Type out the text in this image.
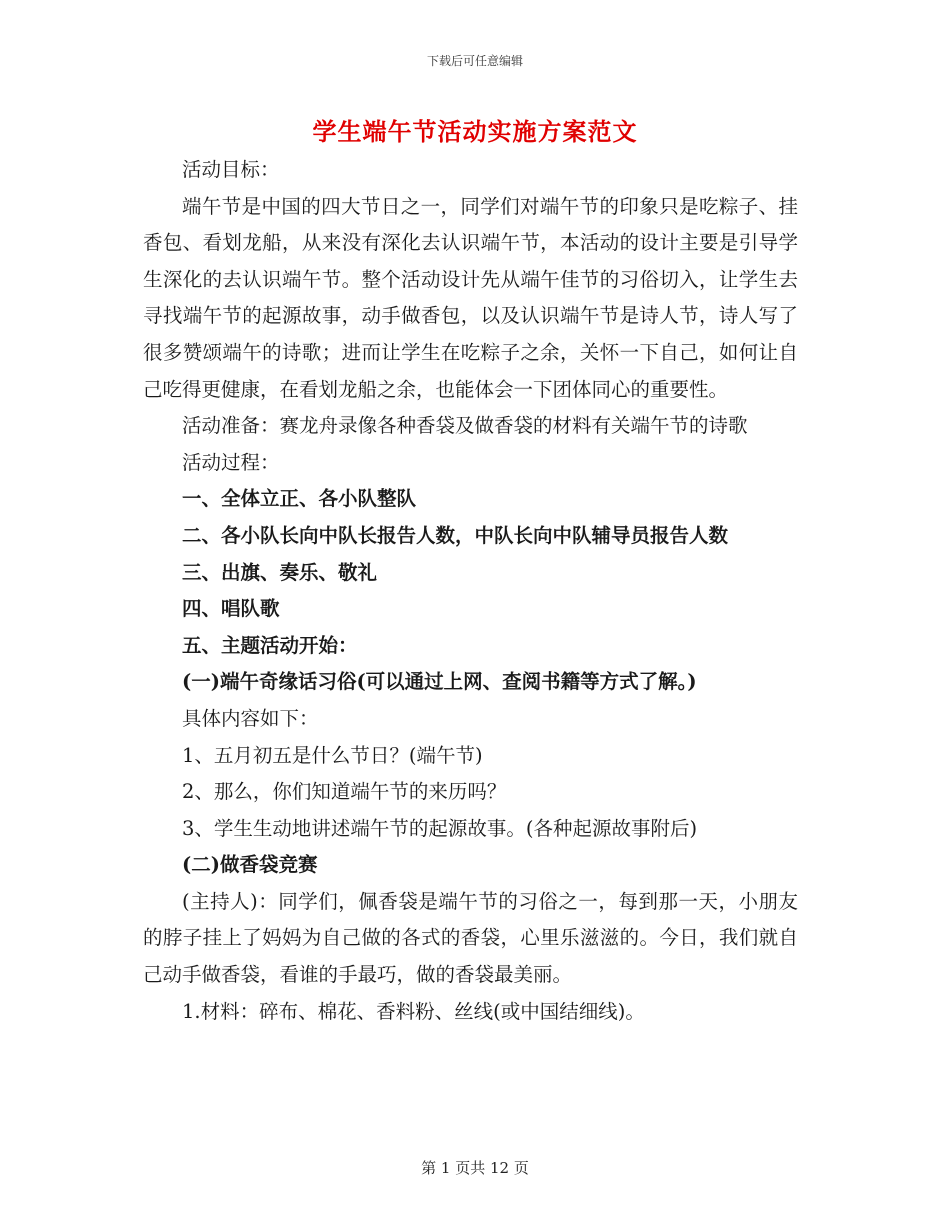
下载后可任意编辑
学生端午节活动实施方案范文

活动目标：

端午节是中国的四大节日之一，同学们对端午节的印象只是吃粽子、挂香包、看划龙船，从来没有深化去认识端午节，本活动的设计主要是引导学生深化的去认识端午节。整个活动设计先从端午佳节的习俗切入，让学生去寻找端午节的起源故事，动手做香包，以及认识端午节是诗人节，诗人写了很多赞颂端午的诗歌；进而让学生在吃粽子之余，关怀一下自己，如何让自己吃得更健康，在看划龙船之余，也能体会一下团体同心的重要性。

活动准备：赛龙舟录像各种香袋及做香袋的材料有关端午节的诗歌

活动过程：

一、全体立正、各小队整队

二、各小队长向中队长报告人数，中队长向中队辅导员报告人数

三、出旗、奏乐、敬礼

四、唱队歌

五、主题活动开始：

(一)端午奇缘话习俗(可以通过上网、查阅书籍等方式了解。)

具体内容如下：

1、五月初五是什么节日？(端午节)

2、那么，你们知道端午节的来历吗？

3、学生生动地讲述端午节的起源故事。(各种起源故事附后)

(二)做香袋竞赛

(主持人)：同学们，佩香袋是端午节的习俗之一，每到那一天，小朋友的脖子挂上了妈妈为自己做的各式的香袋，心里乐滋滋的。今日，我们就自己动手做香袋，看谁的手最巧，做的香袋最美丽。

1.材料：碎布、棉花、香料粉、丝线(或中国结细线)。

第 1 页共 12 页
